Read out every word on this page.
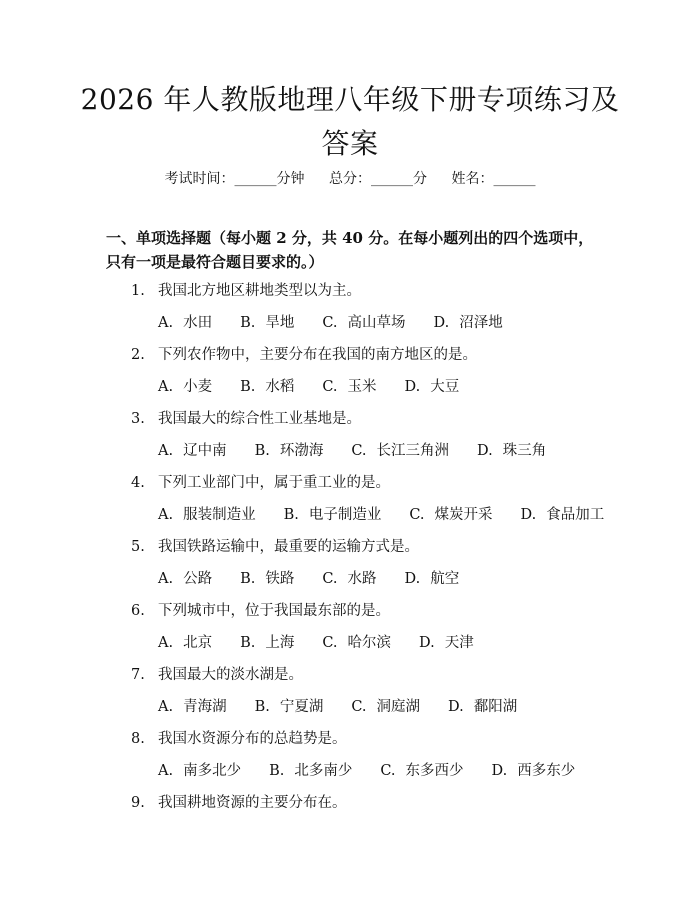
2026 年人教版地理八年级下册专项练习及答案
考试时间：______分钟 总分：______分 姓名：______

一、单项选择题（每小题 2 分，共 40 分。在每小题列出的四个选项中，只有一项是最符合题目要求的。）

1. 我国北方地区耕地类型以为主。
A. 水田 B. 旱地 C. 高山草场 D. 沼泽地
2. 下列农作物中，主要分布在我国的南方地区的是。
A. 小麦 B. 水稻 C. 玉米 D. 大豆
3. 我国最大的综合性工业基地是。
A. 辽中南 B. 环渤海 C. 长江三角洲 D. 珠三角
4. 下列工业部门中，属于重工业的是。
A. 服装制造业 B. 电子制造业 C. 煤炭开采 D. 食品加工
5. 我国铁路运输中，最重要的运输方式是。
A. 公路 B. 铁路 C. 水路 D. 航空
6. 下列城市中，位于我国最东部的是。
A. 北京 B. 上海 C. 哈尔滨 D. 天津
7. 我国最大的淡水湖是。
A. 青海湖 B. 宁夏湖 C. 洞庭湖 D. 鄱阳湖
8. 我国水资源分布的总趋势是。
A. 南多北少 B. 北多南少 C. 东多西少 D. 西多东少
9. 我国耕地资源的主要分布在。
